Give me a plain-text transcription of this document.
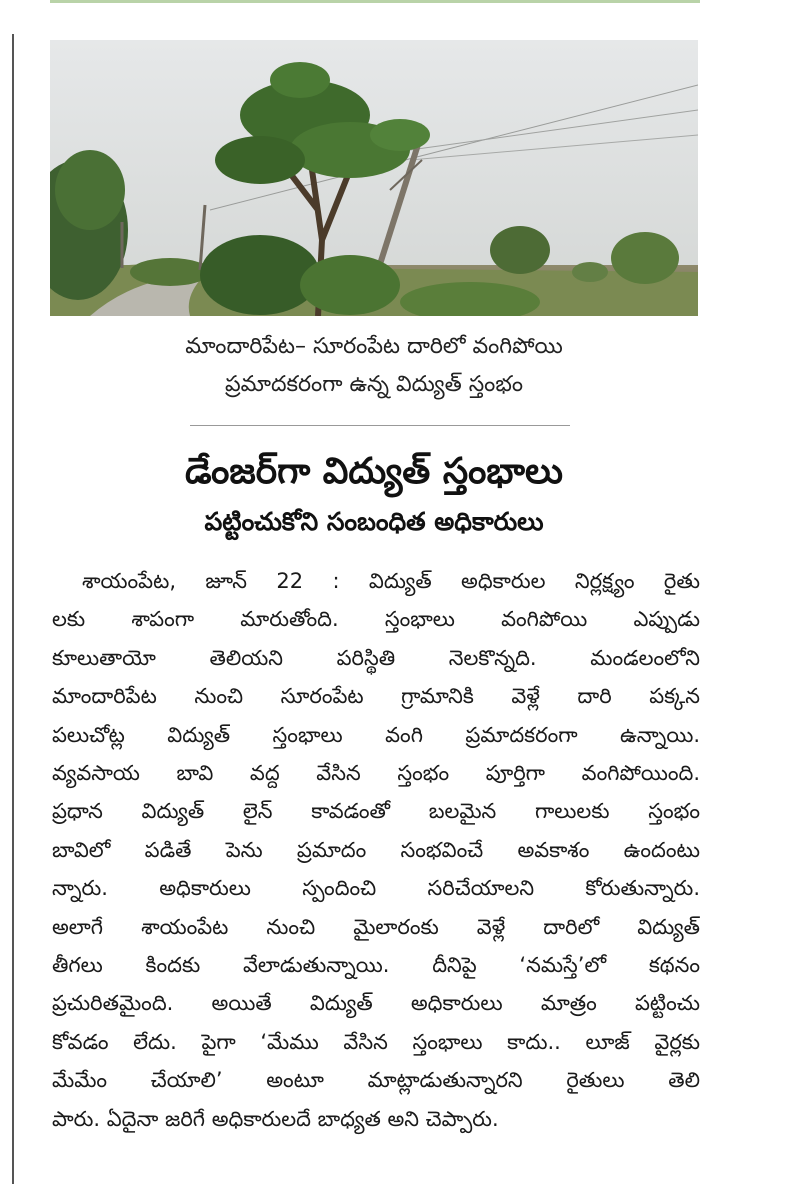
మాందారిపేట– సూరంపేట దారిలో వంగిపోయి
ప్రమాదకరంగా ఉన్న విద్యుత్‌ స్తంభం
డేంజర్‌గా విద్యుత్‌ స్తంభాలు
పట్టించుకోని సంబంధిత అధికారులు
శాయంపేట, జూన్‌ 22 : విద్యుత్‌ అధికారుల నిర్లక్ష్యం రైతు
లకు శాపంగా మారుతోంది. స్తంభాలు వంగిపోయి ఎప్పుడు
కూలుతాయో తెలియని పరిస్థితి నెలకొన్నది. మండలంలోని
మాందారిపేట నుంచి సూరంపేట గ్రామానికి వెళ్లే దారి పక్కన
పలుచోట్ల విద్యుత్‌ స్తంభాలు వంగి ప్రమాదకరంగా ఉన్నాయి.
వ్యవసాయ బావి వద్ద వేసిన స్తంభం పూర్తిగా వంగిపోయింది.
ప్రధాన విద్యుత్‌ లైన్‌ కావడంతో బలమైన గాలులకు స్తంభం
బావిలో పడితే పెను ప్రమాదం సంభవించే అవకాశం ఉందంటు
న్నారు. అధికారులు స్పందించి సరిచేయాలని కోరుతున్నారు.
అలాగే శాయంపేట నుంచి మైలారంకు వెళ్లే దారిలో విద్యుత్‌
తీగలు కిందకు వేలాడుతున్నాయి. దీనిపై ‘నమస్తే’లో కథనం
ప్రచురితమైంది. అయితే విద్యుత్‌ అధికారులు మాత్రం పట్టించు
కోవడం లేదు. పైగా ‘మేము వేసిన స్తంభాలు కాదు.. లూజ్‌ వైర్లకు
మేమేం చేయాలి’ అంటూ మాట్లాడుతున్నారని రైతులు తెలి
పారు. ఏదైనా జరిగే అధికారులదే బాధ్యత అని చెప్పారు.
